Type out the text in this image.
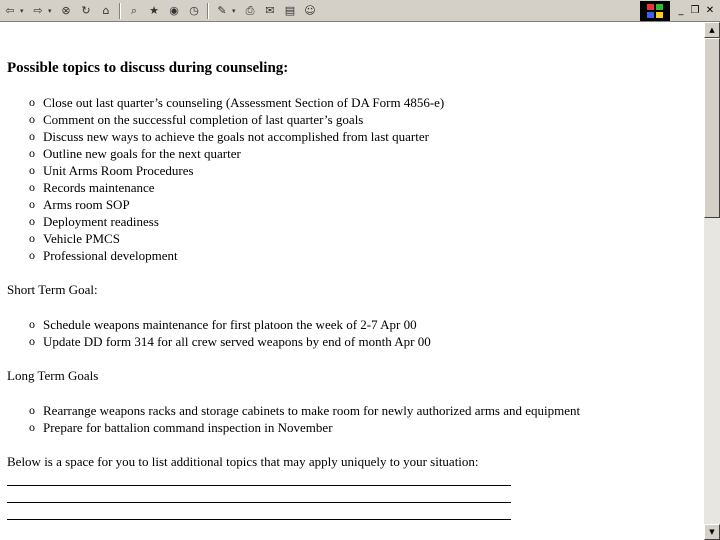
⇦ ▾ ⇨ ▾ ⊗ ↻	⌂	⌕	★ ◉ ◷	✎ ▾ ⎙ ✉ ▤ ☺	_ ❐ ✕
▲
▼
Possible topics to discuss during counseling:
o Close out last quarter’s counseling (Assessment Section of DA Form 4856-e)
o Comment on the successful completion of last quarter’s goals
o Discuss new ways to achieve the goals not accomplished from last quarter
o Outline new goals for the next quarter
o Unit Arms Room Procedures
o Records maintenance
o Arms room SOP
o Deployment readiness
o Vehicle PMCS
o Professional development

Short Term Goal:

o Schedule weapons maintenance for first platoon the week of 2-7 Apr 00
o Update DD form 314 for all crew served weapons by end of month Apr 00

Long Term Goals

o Rearrange weapons racks and storage cabinets to make room for newly authorized arms and equipment
o Prepare for battalion command inspection in November

Below is a space for you to list additional topics that may apply uniquely to your situation:
